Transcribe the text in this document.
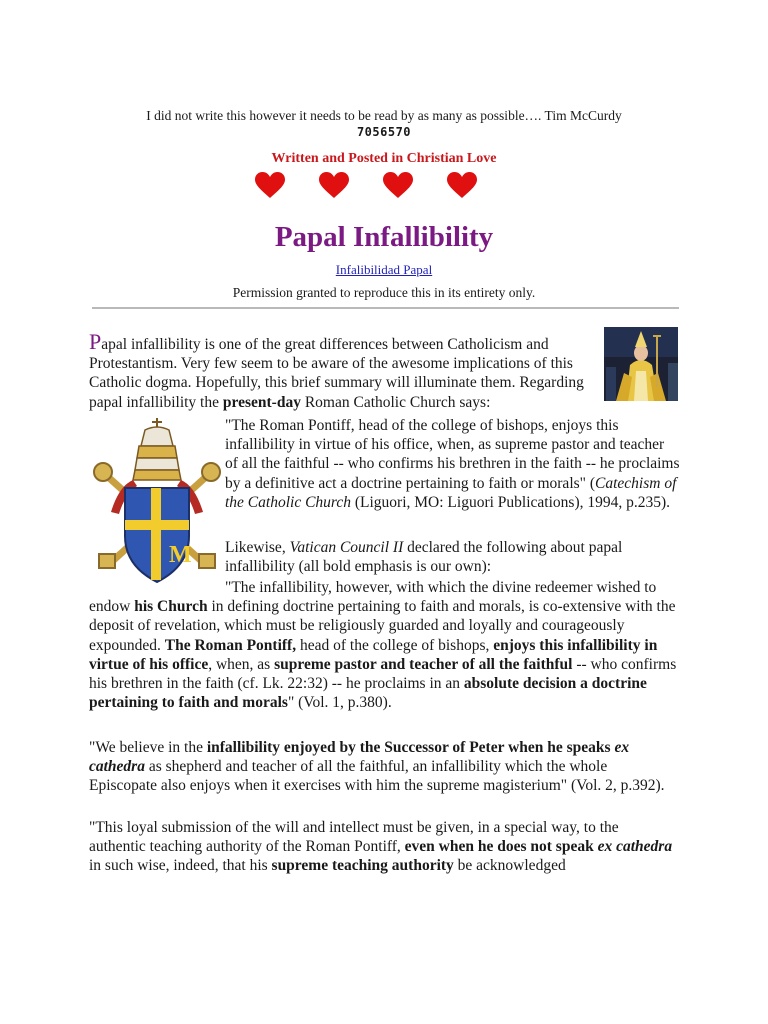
I did not write this however it needs to be read by as many as possible…. Tim McCurdy
7056570
Written and Posted in Christian Love
Papal Infallibility
Infalibilidad Papal
Permission granted to reproduce this in its entirety only.
M

Papal infallibility is one of the great differences between Catholicism and Protestantism. Very few seem to be aware of the awesome implications of this Catholic dogma. Hopefully, this brief summary will illuminate them. Regarding papal infallibility the present-day Roman Catholic Church says:

"The Roman Pontiff, head of the college of bishops, enjoys this infallibility in virtue of his office, when, as supreme pastor and teacher of all the faithful -- who confirms his brethren in the faith -- he proclaims by a definitive act a doctrine pertaining to faith or morals" (Catechism of the Catholic Church (Liguori, MO: Liguori Publications), 1994, p.235).

Likewise, Vatican Council II declared the following about papal infallibility (all bold emphasis is our own):

"The infallibility, however, with which the divine redeemer wished to endow his Church in defining doctrine pertaining to faith and morals, is co-extensive with the deposit of revelation, which must be religiously guarded and loyally and courageously expounded. The Roman Pontiff, head of the college of bishops, enjoys this infallibility in virtue of his office, when, as supreme pastor and teacher of all the faithful -- who confirms his brethren in the faith (cf. Lk. 22:32) -- he proclaims in an absolute decision a doctrine pertaining to faith and morals" (Vol. 1, p.380).

"We believe in the infallibility enjoyed by the Successor of Peter when he speaks ex cathedra as shepherd and teacher of all the faithful, an infallibility which the whole Episcopate also enjoys when it exercises with him the supreme magisterium" (Vol. 2, p.392).

"This loyal submission of the will and intellect must be given, in a special way, to the authentic teaching authority of the Roman Pontiff, even when he does not speak ex cathedra in such wise, indeed, that his supreme teaching authority be acknowledged
